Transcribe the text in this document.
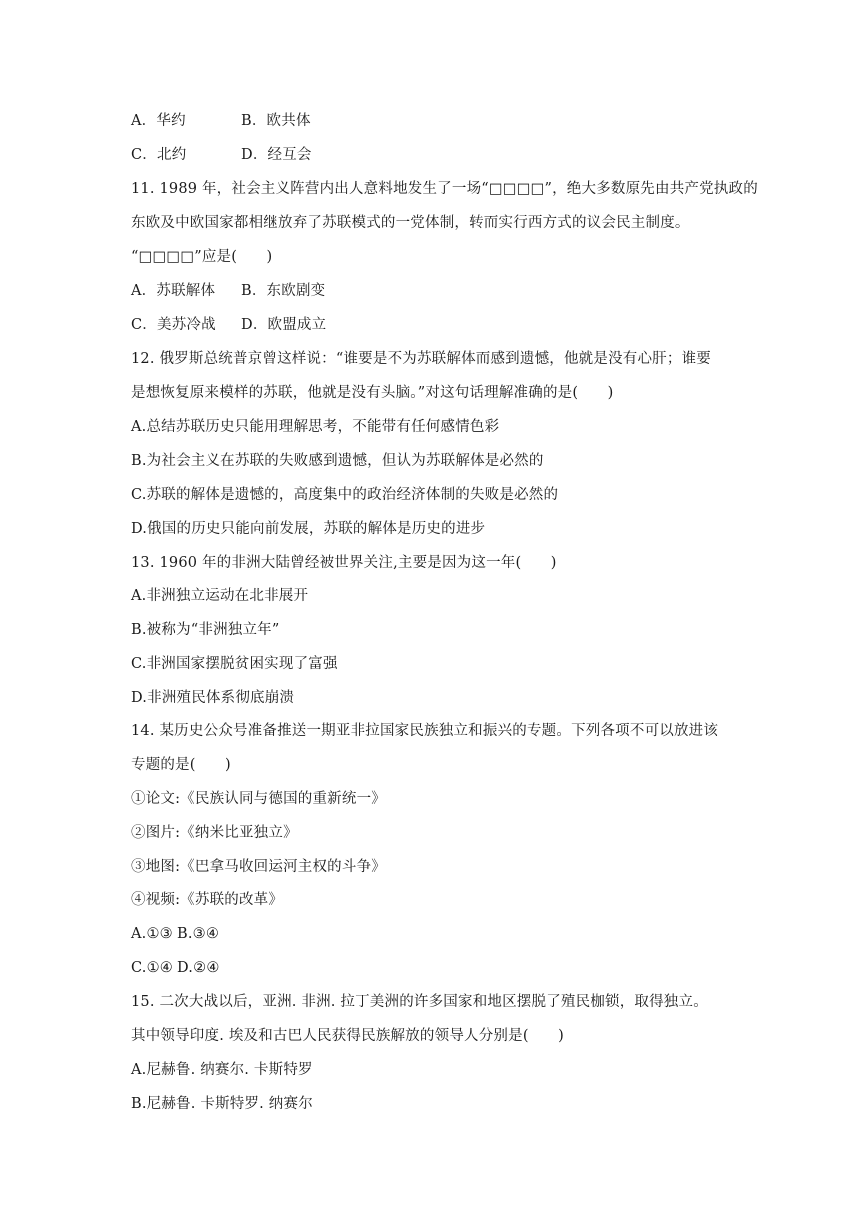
A．华约	B．欧共体
C．北约	D．经互会
11. 1989 年，社会主义阵营内出人意料地发生了一场“□□□□”，绝大多数原先由共产党执政的
东欧及中欧国家都相继放弃了苏联模式的一党体制，转而实行西方式的议会民主制度。
“□□□□”应是(　　)
A．苏联解体 B．东欧剧变
C．美苏冷战 D．欧盟成立
12. 俄罗斯总统普京曾这样说：“谁要是不为苏联解体而感到遗憾，他就是没有心肝；谁要
是想恢复原来模样的苏联，他就是没有头脑。”对这句话理解准确的是(　　)
A.总结苏联历史只能用理解思考，不能带有任何感情色彩
B.为社会主义在苏联的失败感到遗憾，但认为苏联解体是必然的
C.苏联的解体是遗憾的，高度集中的政治经济体制的失败是必然的
D.俄国的历史只能向前发展，苏联的解体是历史的进步
13. 1960 年的非洲大陆曾经被世界关注,主要是因为这一年(　　)
A.非洲独立运动在北非展开
B.被称为“非洲独立年”
C.非洲国家摆脱贫困实现了富强
D.非洲殖民体系彻底崩溃
14. 某历史公众号准备推送一期亚非拉国家民族独立和振兴的专题。下列各项不可以放进该
专题的是(　　)
①论文:《民族认同与德国的重新统一》
②图片:《纳米比亚独立》
③地图:《巴拿马收回运河主权的斗争》
④视频:《苏联的改革》
A.①③ B.③④
C.①④ D.②④
15. 二次大战以后，亚洲. 非洲. 拉丁美洲的许多国家和地区摆脱了殖民枷锁，取得独立。
其中领导印度. 埃及和古巴人民获得民族解放的领导人分别是(　　)
A.尼赫鲁. 纳赛尔. 卡斯特罗
B.尼赫鲁. 卡斯特罗. 纳赛尔
